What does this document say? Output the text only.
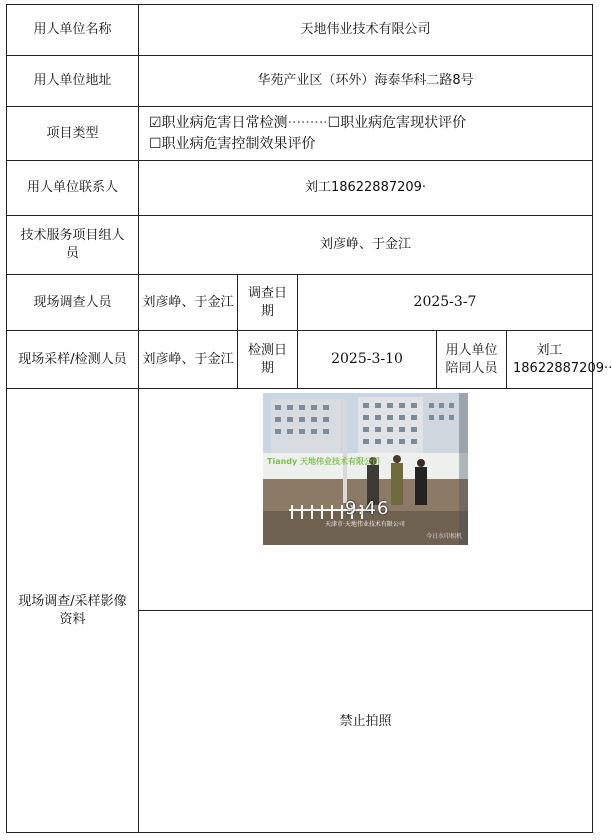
用人单位名称	天地伟业技术有限公司				
用人单位地址	华苑产业区（环外）海泰华科二路8号				
项目类型	☑职业病危害日常检测·········☐职业病危害现状评价
☐职业病危害控制效果评价				

用人单位联系人	刘工18622887209·				
技术服务项目组人员	刘彦峥、于金江				
现场调查人员	刘彦峥、于金江	调查日期	2025-3-7		
现场采样/检测人员	刘彦峥、于金江	检测日期	2025-3-10	用人单位陪同人员	刘工18622887209··
现场调查/采样影像资料	Tiandy 天地伟业技术有限公司
9:46
天津市·天地伟业技术有限公司
今日水印相机				

	禁止拍照				
